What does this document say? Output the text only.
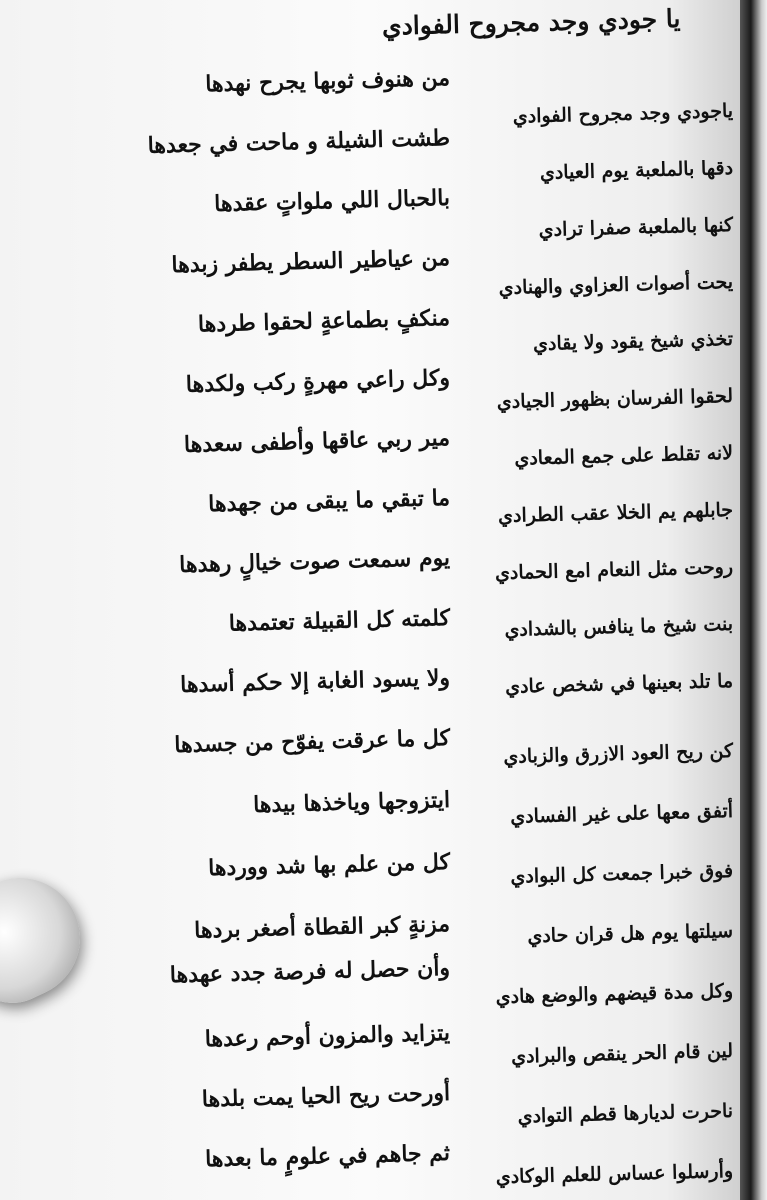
يا جودي وجد مجروح الفوادي
من هنوف ثوبها يجرح نهدها
طشت الشيلة و ماحت في جعدها
بالحبال اللي ملواتٍ عقدها
من عياطير السطر يطفر زبدها
منكفٍ بطماعةٍ لحقوا طردها
وكل راعي مهرةٍ ركب ولكدها
مير ربي عاقها وأطفى سعدها
ما تبقي ما يبقى من جهدها
يوم سمعت صوت خيالٍ رهدها
كلمته كل القبيلة تعتمدها
ولا يسود الغابة إلا حكم أسدها
كل ما عرقت يفوّح من جسدها
ايتزوجها وياخذها بيدها
كل من علم بها شد ووردها
مزنةٍ كبر القطاة أصغر بردها
وأن حصل له فرصة جدد عهدها
يتزايد والمزون أوحم رعدها
أورحت ريح الحيا يمت بلدها
ثم جاهم في علومٍ ما بعدها
ياجودي وجد مجروح الفوادي
دقها بالملعبة يوم العيادي
كنها بالملعبة صفرا ترادي
يحت أصوات العزاوي والهنادي
تخذي شيخ يقود ولا يقادي
لحقوا الفرسان بظهور الجيادي
لانه تقلط على جمع المعادي
جابلهم يم الخلا عقب الطرادي
روحت مثل النعام امع الحمادي
بنت شيخ ما ينافس بالشدادي
ما تلد بعينها في شخص عادي
كن ريح العود الازرق والزبادي
أتفق معها على غير الفسادي
فوق خبرا جمعت كل البوادي
سيلتها يوم هل قران حادي
وكل مدة قيضهم والوضع هادي
لين قام الحر ينقص والبرادي
ناحرت لديارها قطم التوادي
وأرسلوا عساس للعلم الوكادي
